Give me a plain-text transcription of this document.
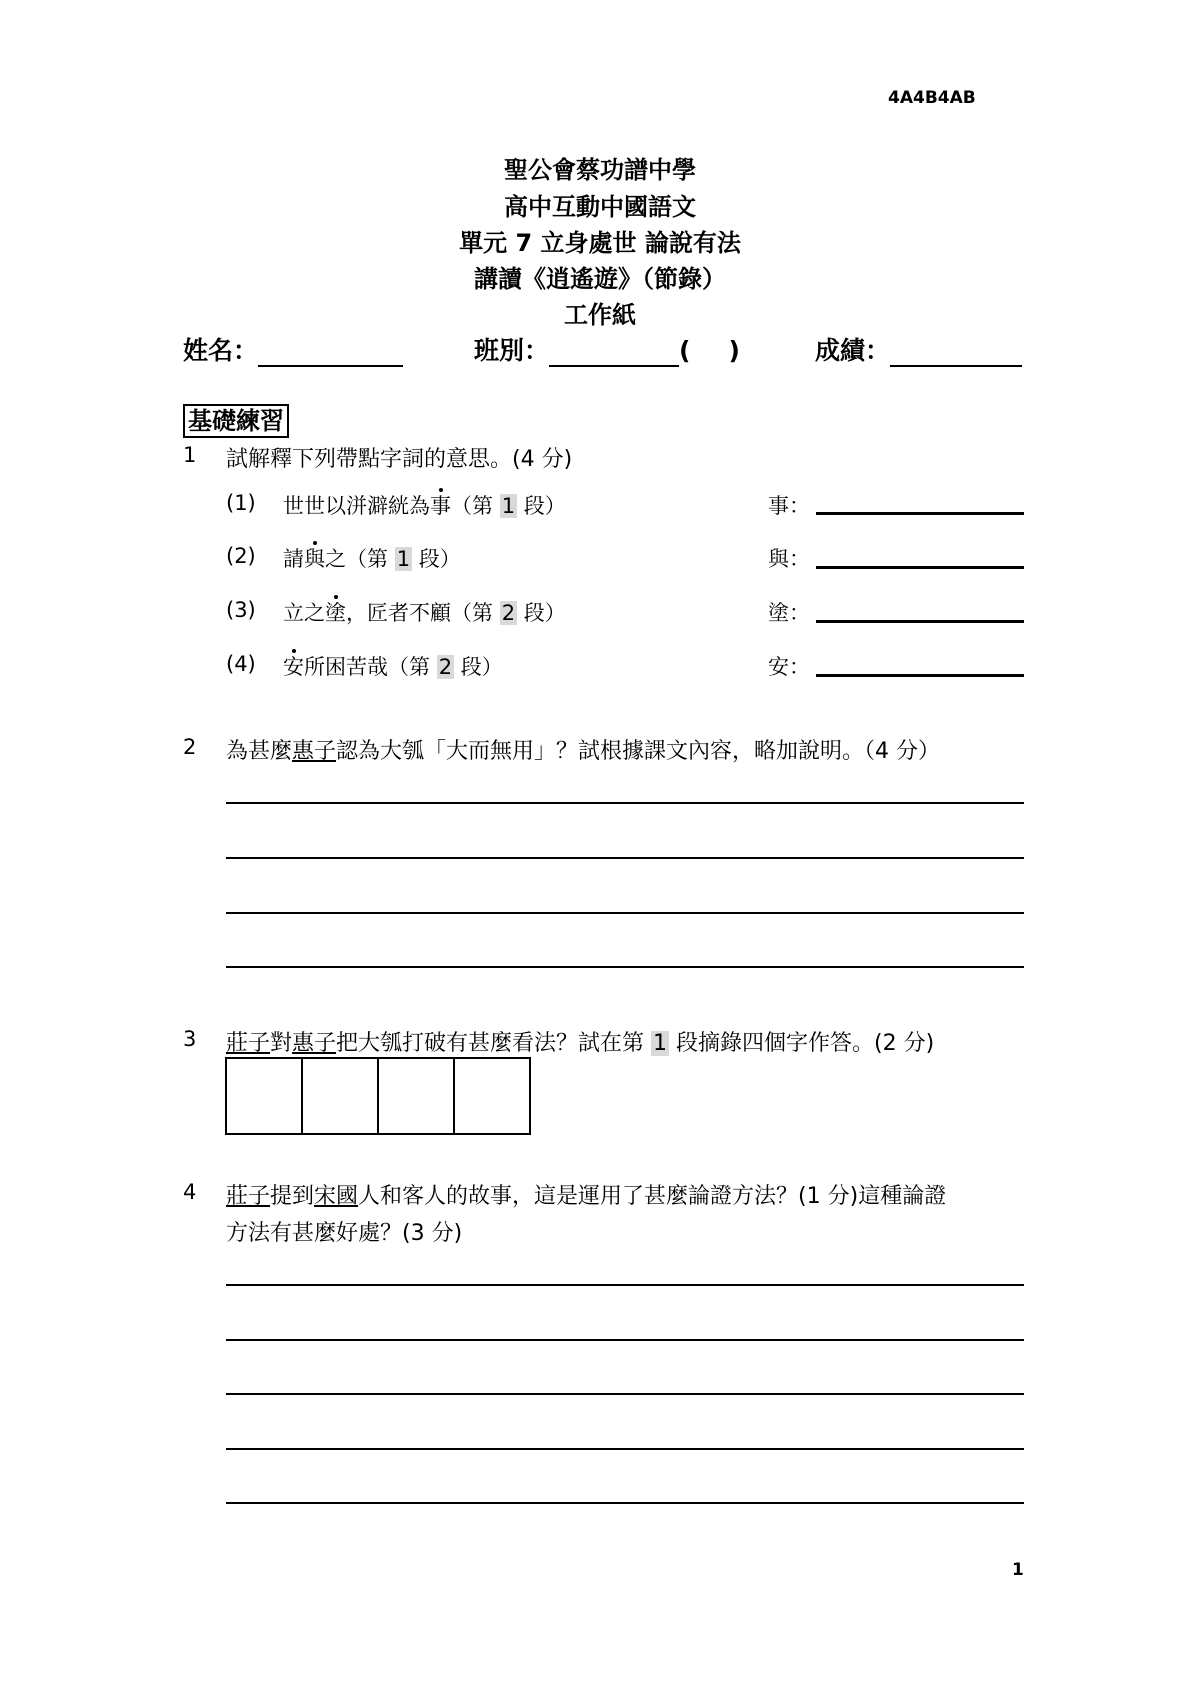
4A4B4AB
聖公會蔡功譜中學
高中互動中國語文
單元 7 立身處世 論說有法
講讀《逍遙遊》（節錄）
工作紙
姓名：	班別：	( )	成績：
基礎練習
1 試解釋下列帶點字詞的意思。(4 分)
(1) 世世以洴澼絖為事（第 1 段）	事：
(2) 請與之（第 1 段）	與：
(3) 立之塗，匠者不顧（第 2 段）	塗：
(4) 安所困苦哉（第 2 段）	安：
2 為甚麼惠子認為大瓠「大而無用」？試根據課文內容，略加說明。（4 分）
3 莊子對惠子把大瓠打破有甚麼看法？試在第 1 段摘錄四個字作答。(2 分)
4 莊子提到宋國人和客人的故事，這是運用了甚麼論證方法？(1 分)這種論證
方法有甚麼好處？(3 分)
1
